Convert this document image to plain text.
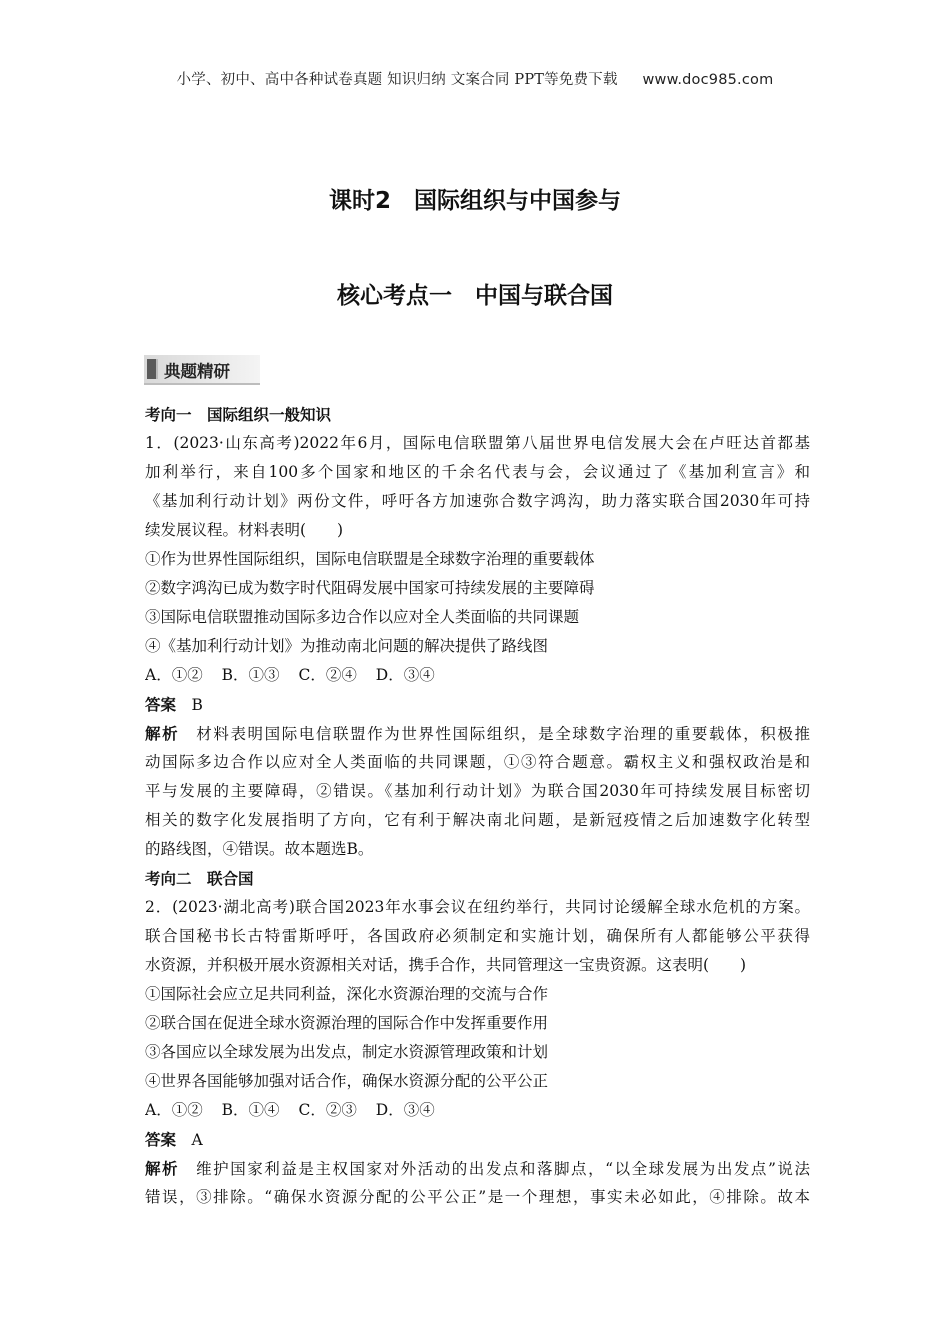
小学、初中、高中各种试卷真题 知识归纳 文案合同 PPT等免费下载 www.doc985.com
课时2　国际组织与中国参与
核心考点一　中国与联合国
典题精研
考向一　国际组织一般知识
1．(2023·山东高考)2022年6月，国际电信联盟第八届世界电信发展大会在卢旺达首都基
加利举行，来自100多个国家和地区的千余名代表与会，会议通过了《基加利宣言》和
《基加利行动计划》两份文件，呼吁各方加速弥合数字鸿沟，助力落实联合国2030年可持
续发展议程。材料表明(　　)
①作为世界性国际组织，国际电信联盟是全球数字治理的重要载体
②数字鸿沟已成为数字时代阻碍发展中国家可持续发展的主要障碍
③国际电信联盟推动国际多边合作以应对全人类面临的共同课题
④《基加利行动计划》为推动南北问题的解决提供了路线图
A．①② B．①③ C．②④ D．③④
答案　 B
解析　 材料表明国际电信联盟作为世界性国际组织，是全球数字治理的重要载体，积极推
动国际多边合作以应对全人类面临的共同课题，①③符合题意。霸权主义和强权政治是和
平与发展的主要障碍，②错误。《基加利行动计划》为联合国2030年可持续发展目标密切
相关的数字化发展指明了方向，它有利于解决南北问题，是新冠疫情之后加速数字化转型
的路线图，④错误。故本题选B。
考向二　联合国
2．(2023·湖北高考)联合国2023年水事会议在纽约举行，共同讨论缓解全球水危机的方案。
联合国秘书长古特雷斯呼吁，各国政府必须制定和实施计划，确保所有人都能够公平获得
水资源，并积极开展水资源相关对话，携手合作，共同管理这一宝贵资源。这表明(　　)
①国际社会应立足共同利益，深化水资源治理的交流与合作
②联合国在促进全球水资源治理的国际合作中发挥重要作用
③各国应以全球发展为出发点，制定水资源管理政策和计划
④世界各国能够加强对话合作，确保水资源分配的公平公正
A．①② B．①④ C．②③ D．③④
答案　 A
解析　 维护国家利益是主权国家对外活动的出发点和落脚点，“以全球发展为出发点”说法
错误，③排除。“确保水资源分配的公平公正”是一个理想，事实未必如此，④排除。故本
